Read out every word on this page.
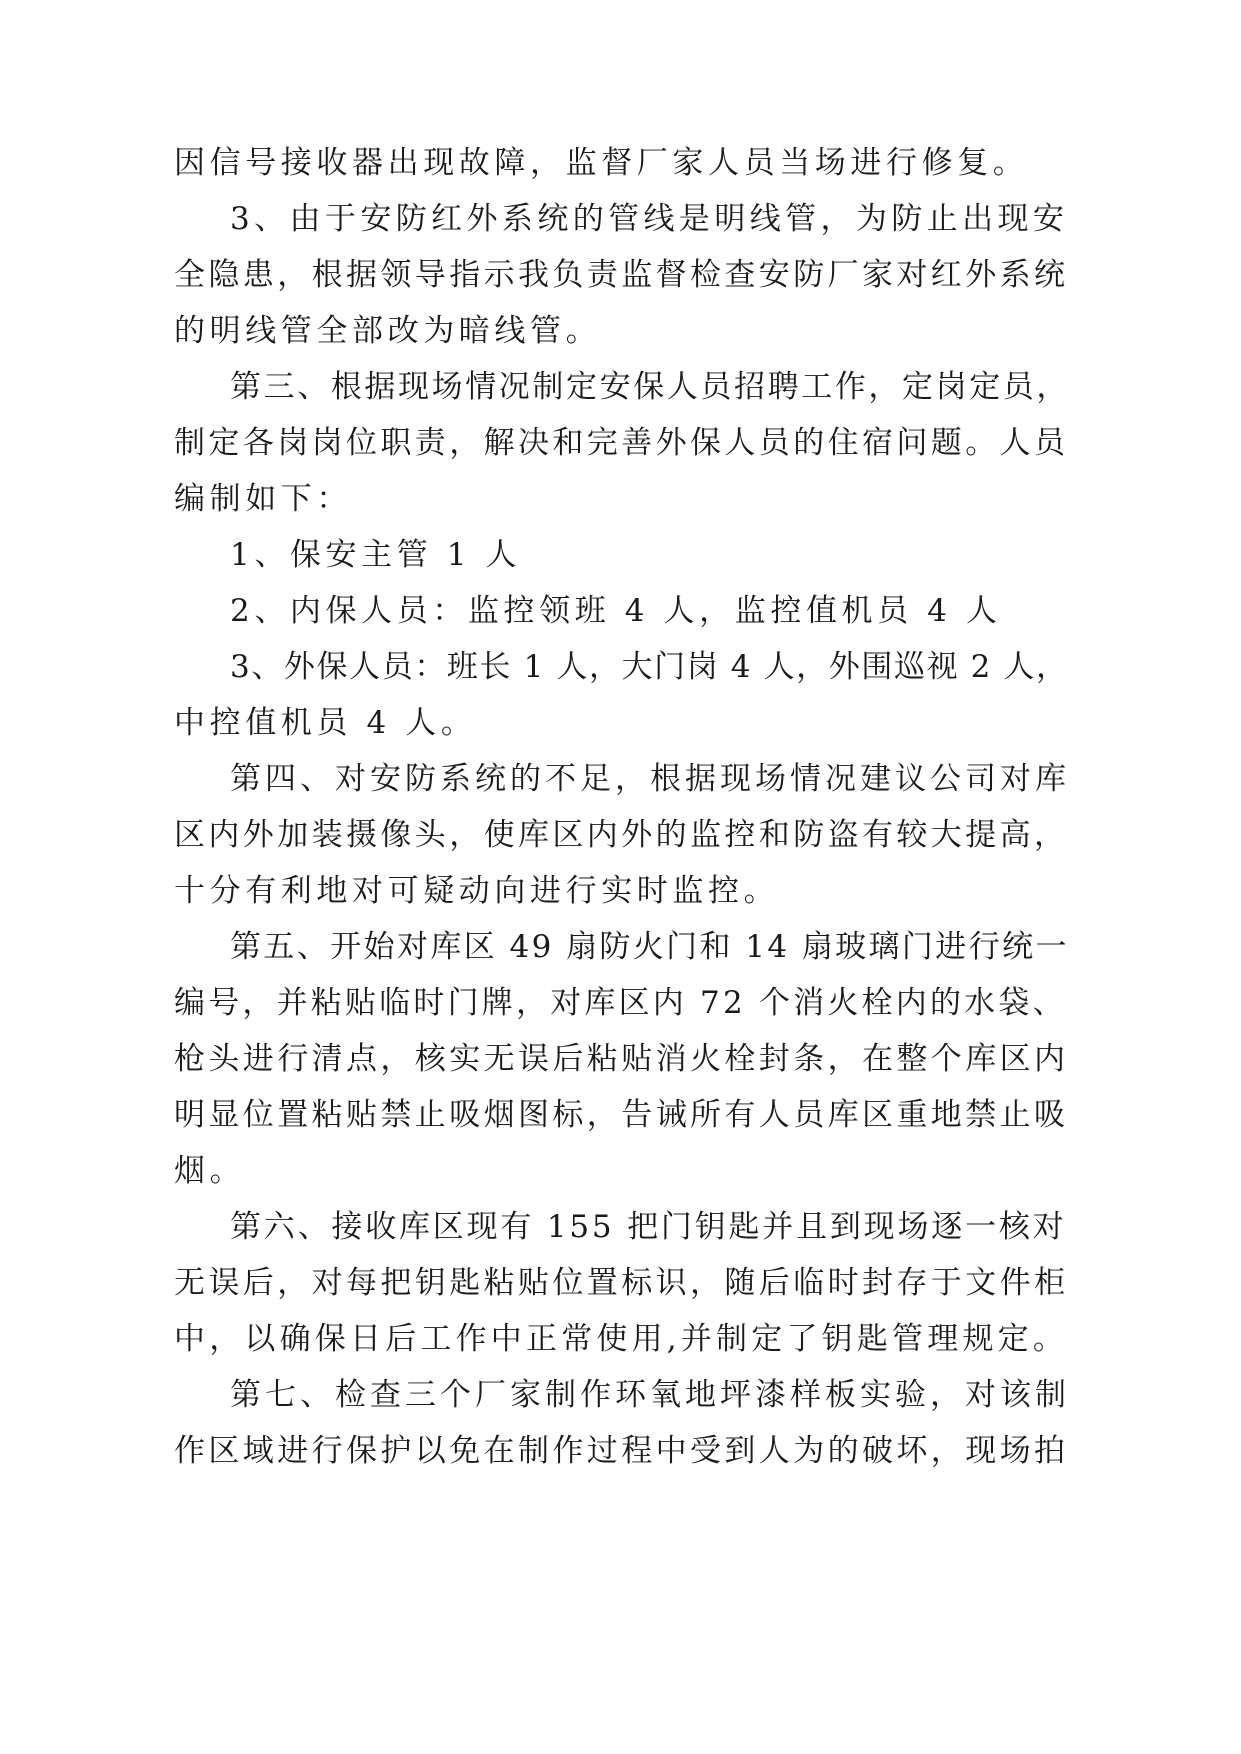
因信号接收器出现故障，监督厂家人员当场进行修复。

3、由于安防红外系统的管线是明线管，为防止出现安

全隐患，根据领导指示我负责监督检查安防厂家对红外系统

的明线管全部改为暗线管。

第三、根据现场情况制定安保人员招聘工作，定岗定员，

制定各岗岗位职责，解决和完善外保人员的住宿问题。人员

编制如下：

1、保安主管 1 人

2、内保人员：监控领班 4 人，监控值机员 4 人

3、外保人员：班长 1 人，大门岗 4 人，外围巡视 2 人，

中控值机员 4 人。

第四、对安防系统的不足，根据现场情况建议公司对库

区内外加装摄像头，使库区内外的监控和防盗有较大提高，

十分有利地对可疑动向进行实时监控。

第五、开始对库区 49 扇防火门和 14 扇玻璃门进行统一

编号，并粘贴临时门牌，对库区内 72 个消火栓内的水袋、

枪头进行清点，核实无误后粘贴消火栓封条，在整个库区内

明显位置粘贴禁止吸烟图标，告诫所有人员库区重地禁止吸

烟。

第六、接收库区现有 155 把门钥匙并且到现场逐一核对

无误后，对每把钥匙粘贴位置标识，随后临时封存于文件柜

中，以确保日后工作中正常使用,并制定了钥匙管理规定。

第七、检查三个厂家制作环氧地坪漆样板实验，对该制

作区域进行保护以免在制作过程中受到人为的破坏，现场拍
